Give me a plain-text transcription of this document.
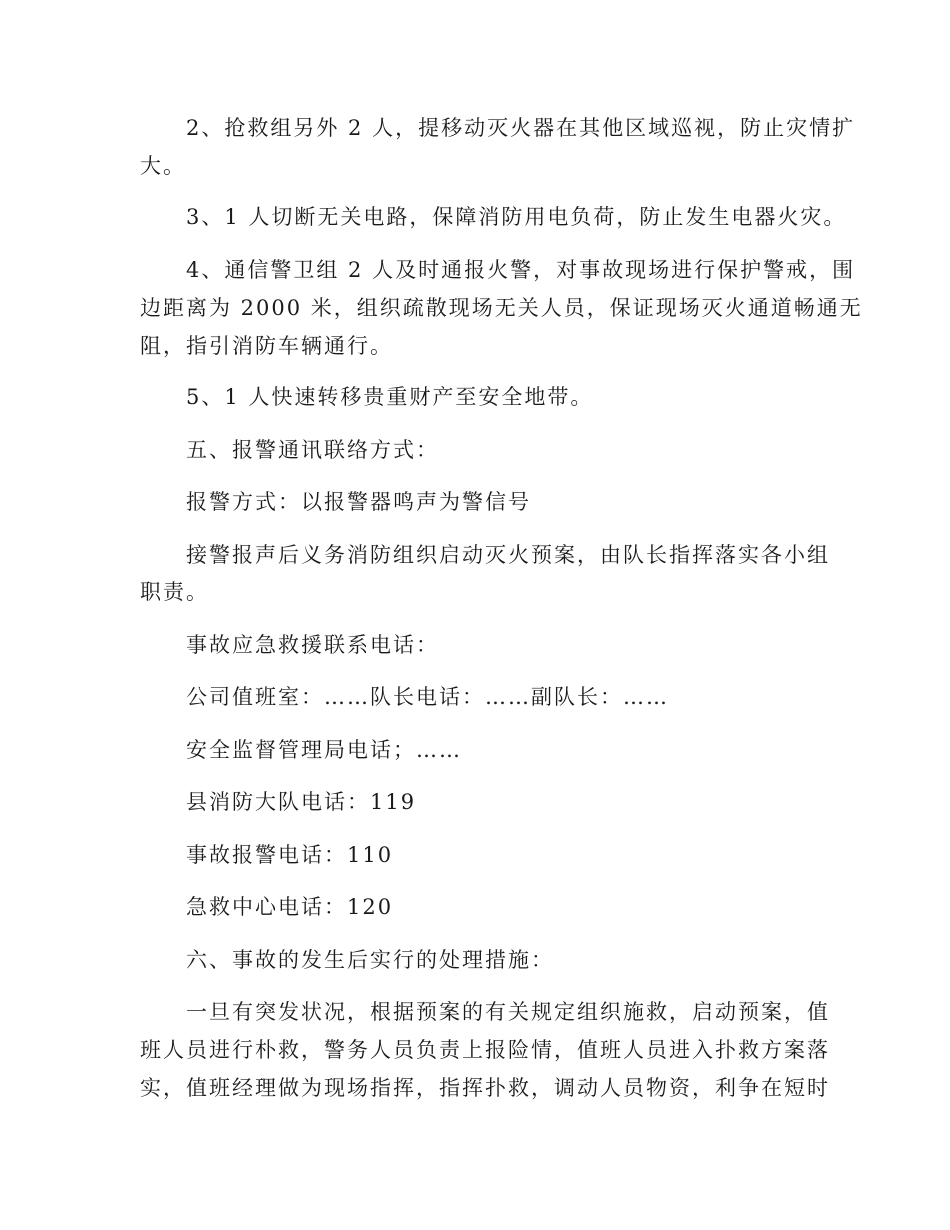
2、抢救组另外 2 人，提移动灭火器在其他区域巡视，防止灾情扩
大。
3、1 人切断无关电路，保障消防用电负荷，防止发生电器火灾。
4、通信警卫组 2 人及时通报火警，对事故现场进行保护警戒，围
边距离为 2000 米，组织疏散现场无关人员，保证现场灭火通道畅通无
阻，指引消防车辆通行。
5、1 人快速转移贵重财产至安全地带。
五、报警通讯联络方式：
报警方式：以报警器鸣声为警信号
接警报声后义务消防组织启动灭火预案，由队长指挥落实各小组
职责。
事故应急救援联系电话：
公司值班室：……队长电话：……副队长：……
安全监督管理局电话；……
县消防大队电话：119
事故报警电话：110
急救中心电话：120
六、事故的发生后实行的处理措施：
一旦有突发状况，根据预案的有关规定组织施救，启动预案，值
班人员进行朴救，警务人员负责上报险情，值班人员进入扑救方案落
实，值班经理做为现场指挥，指挥扑救，调动人员物资，利争在短时
